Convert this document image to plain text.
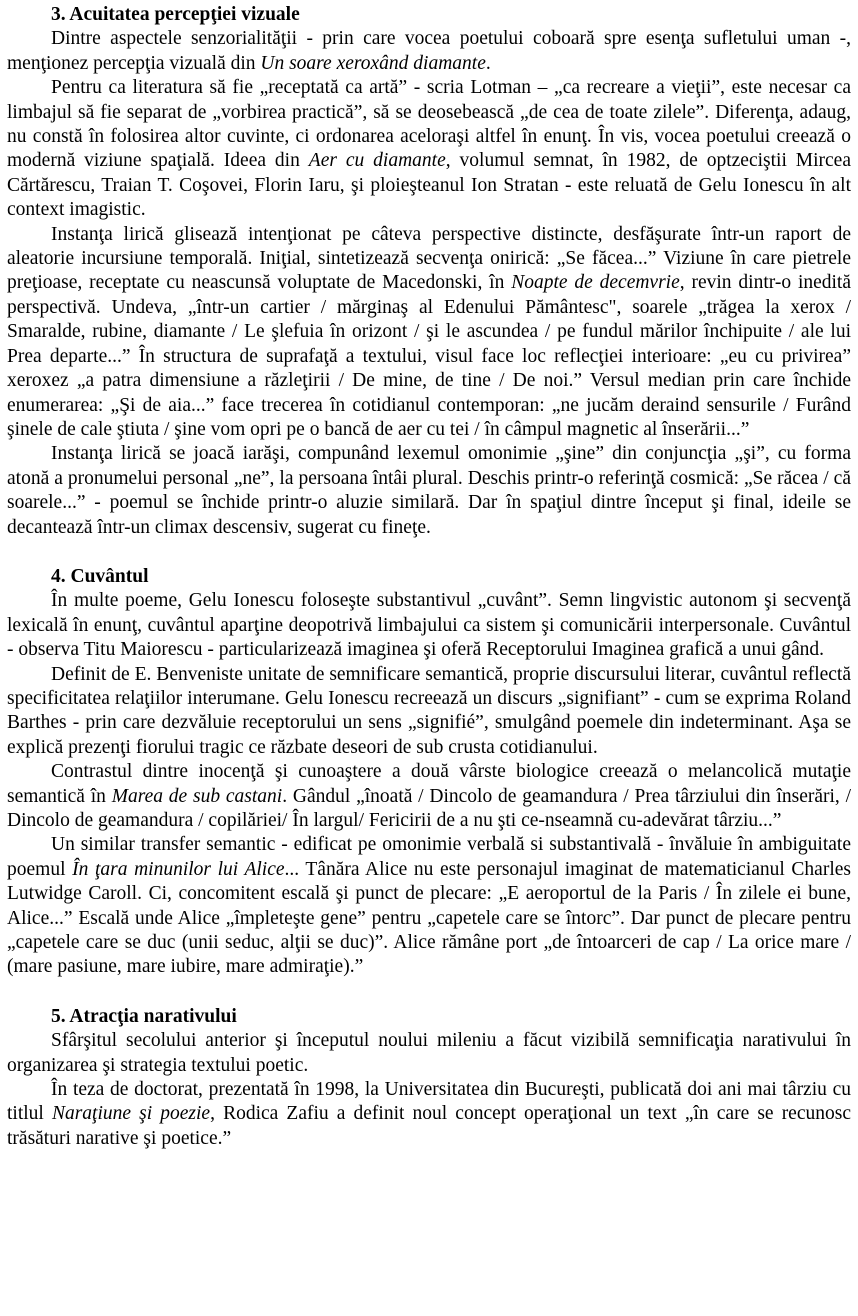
3. Acuitatea percepţiei vizuale

Dintre aspectele senzorialităţii - prin care vocea poetului coboară spre esenţa sufletului uman -, menţionez percepţia vizuală din Un soare xeroxând diamante.

Pentru ca literatura să fie „receptată ca artă” - scria Lotman – „ca recreare a vieţii”, este necesar ca limbajul să fie separat de „vorbirea practică”, să se deosebească „de cea de toate zilele”. Diferenţa, adaug, nu constă în folosirea altor cuvinte, ci ordonarea aceloraşi altfel în enunţ. În vis, vocea poetului creează o modernă viziune spaţială. Ideea din Aer cu diamante, volumul semnat, în 1982, de optzeciştii Mircea Cărtărescu, Traian T. Coşovei, Florin Iaru, şi ploieşteanul Ion Stratan - este reluată de Gelu Ionescu în alt context imagistic.

Instanţa lirică glisează intenţionat pe câteva perspective distincte, desfăşurate într-un raport de aleatorie incursiune temporală. Iniţial, sintetizează secvenţa onirică: „Se făcea...” Viziune în care pietrele preţioase, receptate cu neascunsă voluptate de Macedonski, în Noapte de decemvrie, revin dintr-o inedită perspectivă. Undeva, „într-un cartier / mărginaş al Edenului Pământesc", soarele „trăgea la xerox / Smaralde, rubine, diamante / Le şlefuia în orizont / şi le ascundea / pe fundul mărilor închipuite / ale lui Prea departe...” În structura de suprafaţă a textului, visul face loc reflecţiei interioare: „eu cu privirea” xeroxez „a patra dimensiune a răzleţirii / De mine, de tine / De noi.” Versul median prin care închide enumerarea: „Şi de aia...” face trecerea în cotidianul contemporan: „ne jucăm deraind sensurile / Furând şinele de cale ştiuta / şine vom opri pe o bancă de aer cu tei / în câmpul magnetic al înserării...”

Instanţa lirică se joacă iarăşi, compunând lexemul omonimie „şine” din conjuncţia „şi”, cu forma atonă a pronumelui personal „ne”, la persoana întâi plural. Deschis printr-o referinţă cosmică: „Se răcea / că soarele...” - poemul se închide printr-o aluzie similară. Dar în spaţiul dintre început şi final, ideile se decantează într-un climax descensiv, sugerat cu fineţe.

4. Cuvântul

În multe poeme, Gelu Ionescu foloseşte substantivul „cuvânt”. Semn lingvistic autonom şi secvenţă lexicală în enunţ, cuvântul aparţine deopotrivă limbajului ca sistem şi comunicării interpersonale. Cuvântul - observa Titu Maiorescu - particularizează imaginea şi oferă Receptorului Imaginea grafică a unui gând.

Definit de E. Benveniste unitate de semnificare semantică, proprie discursului literar, cuvântul reflectă specificitatea relaţiilor interumane. Gelu Ionescu recreează un discurs „signifiant” - cum se exprima Roland Barthes - prin care dezvăluie receptorului un sens „signifié”, smulgând poemele din indeterminant. Aşa se explică prezenţi fiorului tragic ce răzbate deseori de sub crusta cotidianului.

Contrastul dintre inocenţă şi cunoaştere a două vârste biologice creează o melancolică mutaţie semantică în Marea de sub castani. Gândul „înoată / Dincolo de geamandura / Prea târziului din înserări, / Dincolo de geamandura / copilăriei/ În largul/ Fericirii de a nu şti ce-nseamnă cu-adevărat târziu...”

Un similar transfer semantic - edificat pe omonimie verbală si substantivală - învăluie în ambiguitate poemul În ţara minunilor lui Alice... Tânăra Alice nu este personajul imaginat de matematicianul Charles Lutwidge Caroll. Ci, concomitent escală şi punct de plecare: „E aeroportul de la Paris / În zilele ei bune, Alice...” Escală unde Alice „împleteşte gene” pentru „capetele care se întorc”. Dar punct de plecare pentru „capetele care se duc (unii seduc, alţii se duc)”. Alice rămâne port „de întoarceri de cap / La orice mare / (mare pasiune, mare iubire, mare admiraţie).”

5. Atracţia narativului

Sfârşitul secolului anterior şi începutul noului mileniu a făcut vizibilă semnificaţia narativului în organizarea şi strategia textului poetic.

În teza de doctorat, prezentată în 1998, la Universitatea din Bucureşti, publicată doi ani mai târziu cu titlul Naraţiune şi poezie, Rodica Zafiu a definit noul concept operaţional un text „în care se recunosc trăsături narative şi poetice.”
